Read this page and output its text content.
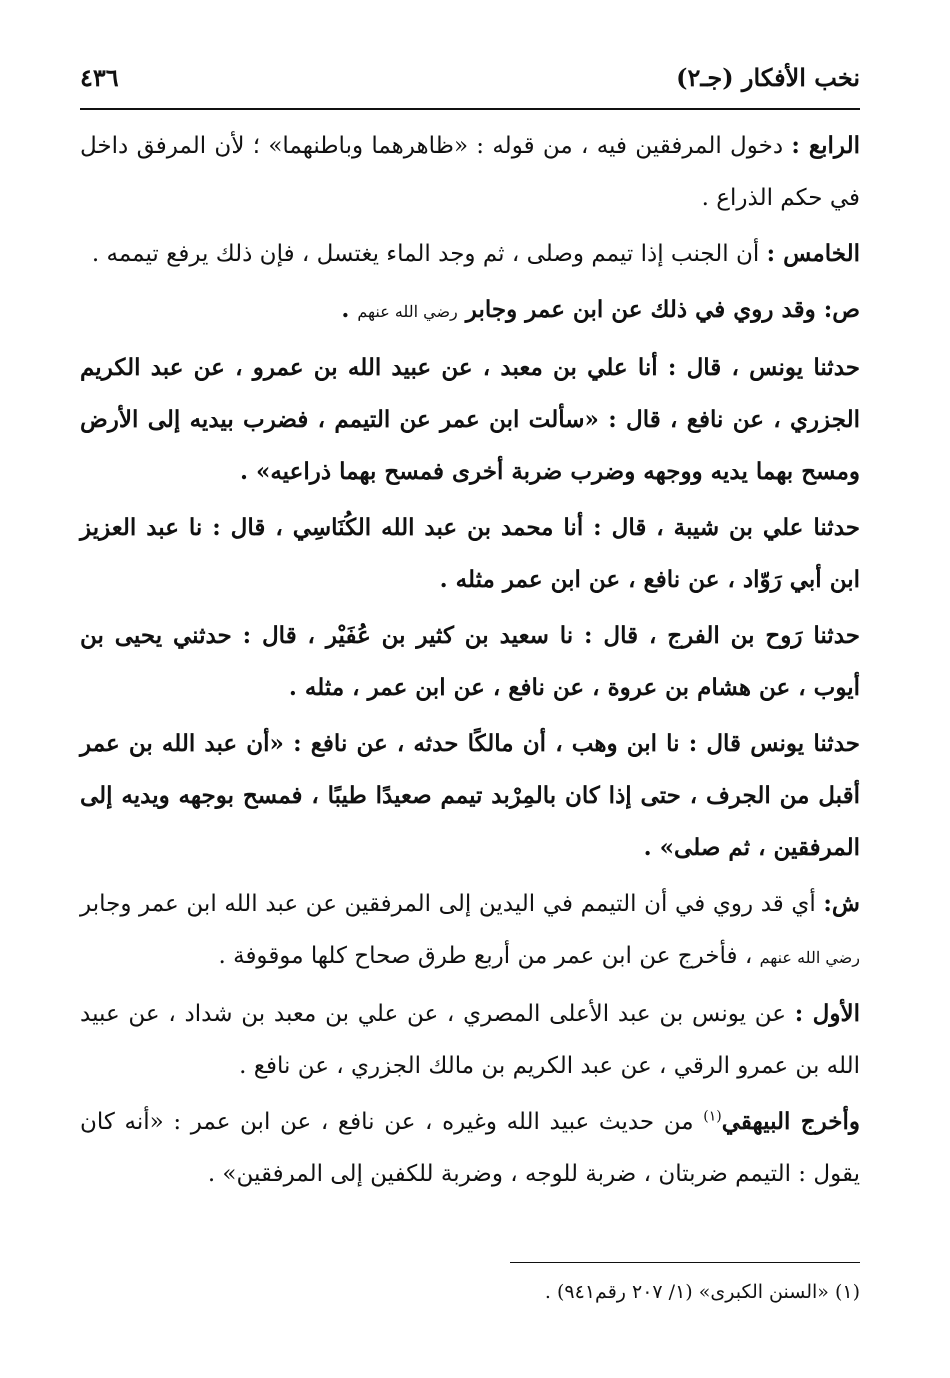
نخب الأفكار (جـ٢)
٤٣٦

الرابع : دخول المرفقين فيه ، من قوله : «ظاهرهما وباطنهما» ؛ لأن المرفق داخل في حكم الذراع .

الخامس : أن الجنب إذا تيمم وصلى ، ثم وجد الماء يغتسل ، فإن ذلك يرفع تيممه .

ص: وقد روي في ذلك عن ابن عمر وجابر رضي الله عنهم .

حدثنا يونس ، قال : أنا علي بن معبد ، عن عبيد الله بن عمرو ، عن عبد الكريم الجزري ، عن نافع ، قال : «سألت ابن عمر عن التيمم ، فضرب بيديه إلى الأرض ومسح بهما يديه ووجهه وضرب ضربة أخرى فمسح بهما ذراعيه» .

حدثنا علي بن شيبة ، قال : أنا محمد بن عبد الله الكُنَاسِي ، قال : نا عبد العزيز ابن أبي رَوّاد ، عن نافع ، عن ابن عمر مثله .

حدثنا رَوح بن الفرج ، قال : نا سعيد بن كثير بن عُفَيْر ، قال : حدثني يحيى بن أيوب ، عن هشام بن عروة ، عن نافع ، عن ابن عمر ، مثله .

حدثنا يونس قال : نا ابن وهب ، أن مالكًا حدثه ، عن نافع : «أن عبد الله بن عمر أقبل من الجرف ، حتى إذا كان بالمِرْبد تيمم صعيدًا طيبًا ، فمسح بوجهه ويديه إلى المرفقين ، ثم صلى» .

ش: أي قد روي في أن التيمم في اليدين إلى المرفقين عن عبد الله ابن عمر وجابر رضي الله عنهم ، فأخرج عن ابن عمر من أربع طرق صحاح كلها موقوفة .

الأول : عن يونس بن عبد الأعلى المصري ، عن علي بن معبد بن شداد ، عن عبيد الله بن عمرو الرقي ، عن عبد الكريم بن مالك الجزري ، عن نافع .

وأخرج البيهقي$^{(١)}$ من حديث عبيد الله وغيره ، عن نافع ، عن ابن عمر : «أنه كان يقول : التيمم ضربتان ، ضربة للوجه ، وضربة للكفين إلى المرفقين» .

(١) «السنن الكبرى» (١/ ٢٠٧ رقم٩٤١) .
